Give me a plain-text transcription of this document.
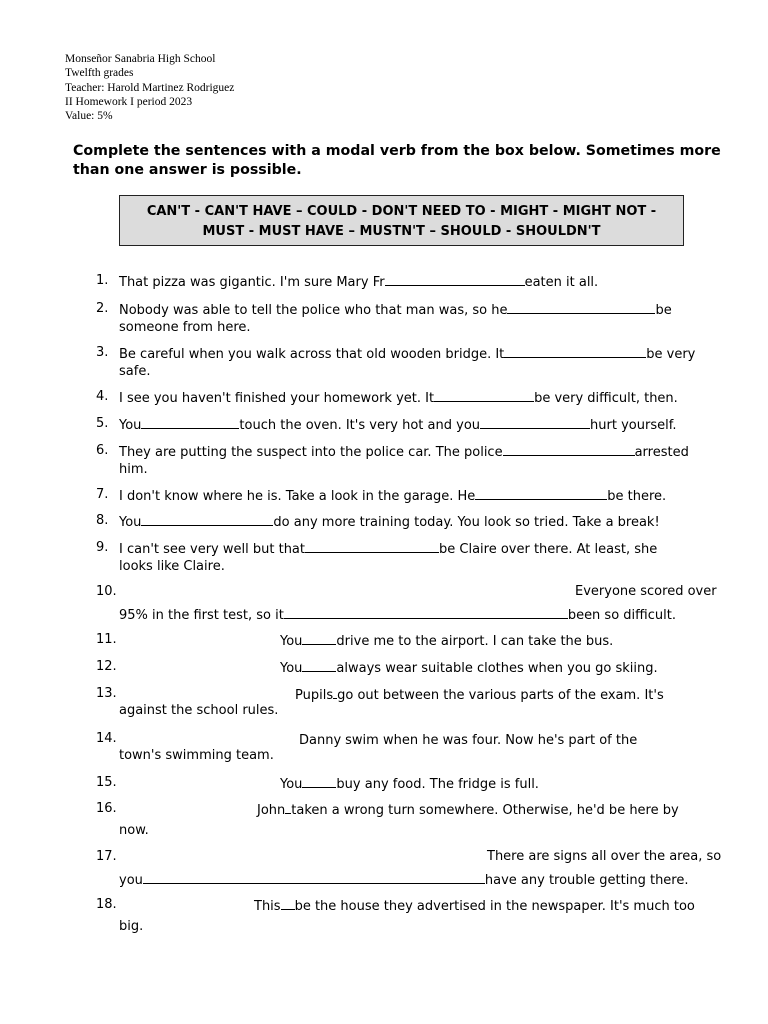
Monseñor Sanabria High School
Twelfth grades
Teacher: Harold Martinez Rodriguez
II Homework I period 2023
Value: 5%
Complete the sentences with a modal verb from the box below. Sometimes more than one answer is possible.
CAN'T - CAN'T HAVE – COULD - DON'T NEED TO - MIGHT - MIGHT NOT -
MUST - MUST HAVE – MUSTN'T – SHOULD - SHOULDN'T
1. That pizza was gigantic. I'm sure Mary Fr	eaten it all.
2. Nobody was able to tell the police who that man was, so he	be
someone from here.
3. Be careful when you walk across that old wooden bridge. It	be very
safe.
4. I see you haven't finished your homework yet. It	be very difficult, then.
5. You	touch the oven. It's very hot and you	hurt yourself.
6. They are putting the suspect into the police car. The police	arrested
him.
7. I don't know where he is. Take a look in the garage. He	be there.
8. You	do any more training today. You look so tried. Take a break!
9. I can't see very well but that	be Claire over there. At least, she
looks like Claire.
10.	Everyone scored over
95% in the first test, so it	been so difficult.
11.	You	drive me to the airport. I can take the bus.
12.	You	always wear suitable clothes when you go skiing.
13.	Pupils go out between the various parts of the exam. It's
against the school rules.
14.	Danny swim when he was four. Now he's part of the
town's swimming team.
15.	You	buy any food. The fridge is full.
16.	John taken a wrong turn somewhere. Otherwise, he'd be here by
now.
17.	There are signs all over the area, so
you	have any trouble getting there.
18.	This be the house they advertised in the newspaper. It's much too
big.
